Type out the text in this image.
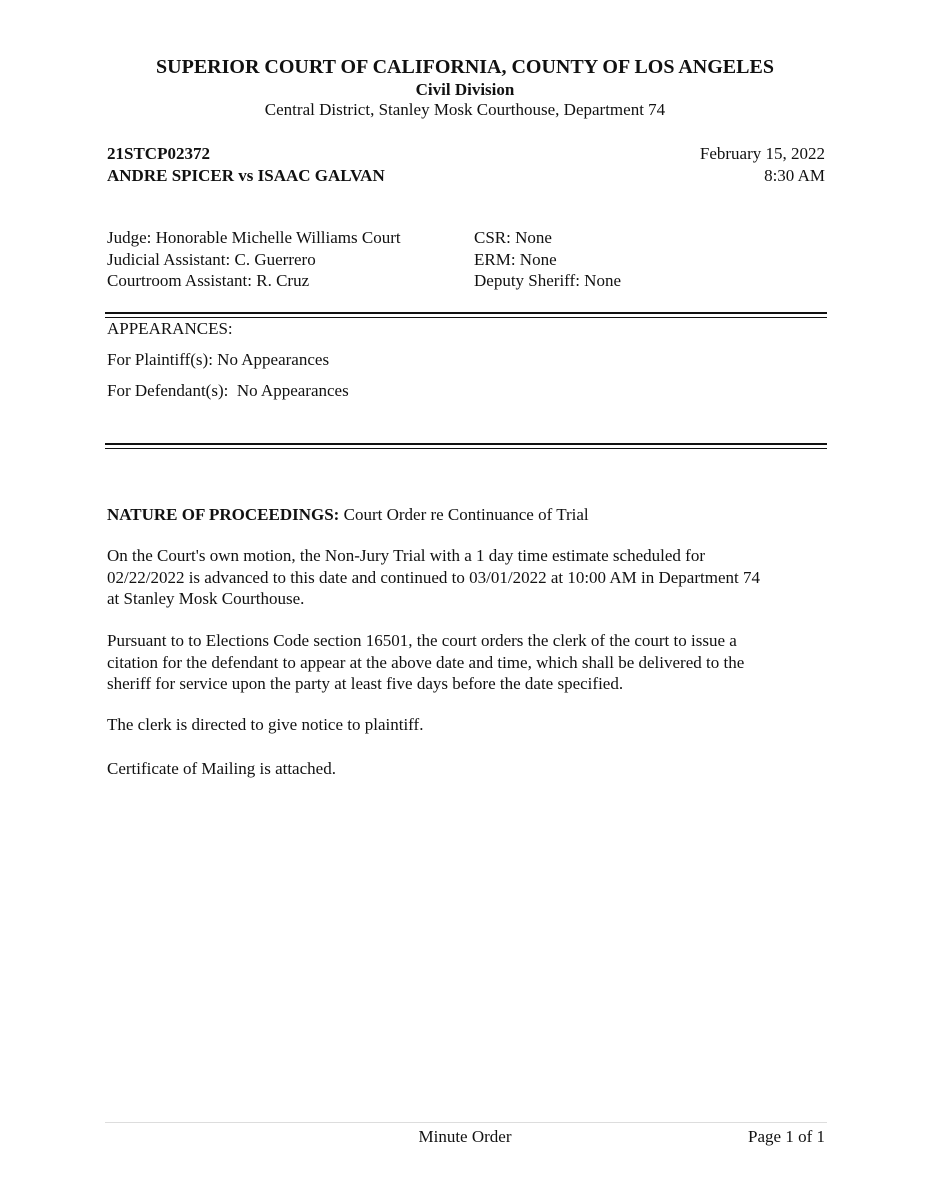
SUPERIOR COURT OF CALIFORNIA, COUNTY OF LOS ANGELES
Civil Division
Central District, Stanley Mosk Courthouse, Department 74
21STCP02372
ANDRE SPICER vs ISAAC GALVAN
February 15, 2022
8:30 AM
Judge: Honorable Michelle Williams Court
Judicial Assistant: C. Guerrero
Courtroom Assistant: R. Cruz
CSR: None
ERM: None
Deputy Sheriff: None
APPEARANCES:
For Plaintiff(s): No Appearances
For Defendant(s):  No Appearances
NATURE OF PROCEEDINGS: Court Order re Continuance of Trial
On the Court's own motion, the Non-Jury Trial with a 1 day time estimate scheduled for
02/22/2022 is advanced to this date and continued to 03/01/2022 at 10:00 AM in Department 74
at Stanley Mosk Courthouse.
Pursuant to to Elections Code section 16501, the court orders the clerk of the court to issue a
citation for the defendant to appear at the above date and time, which shall be delivered to the
sheriff for service upon the party at least five days before the date specified.
The clerk is directed to give notice to plaintiff.
Certificate of Mailing is attached.
Minute Order	Page 1 of 1
